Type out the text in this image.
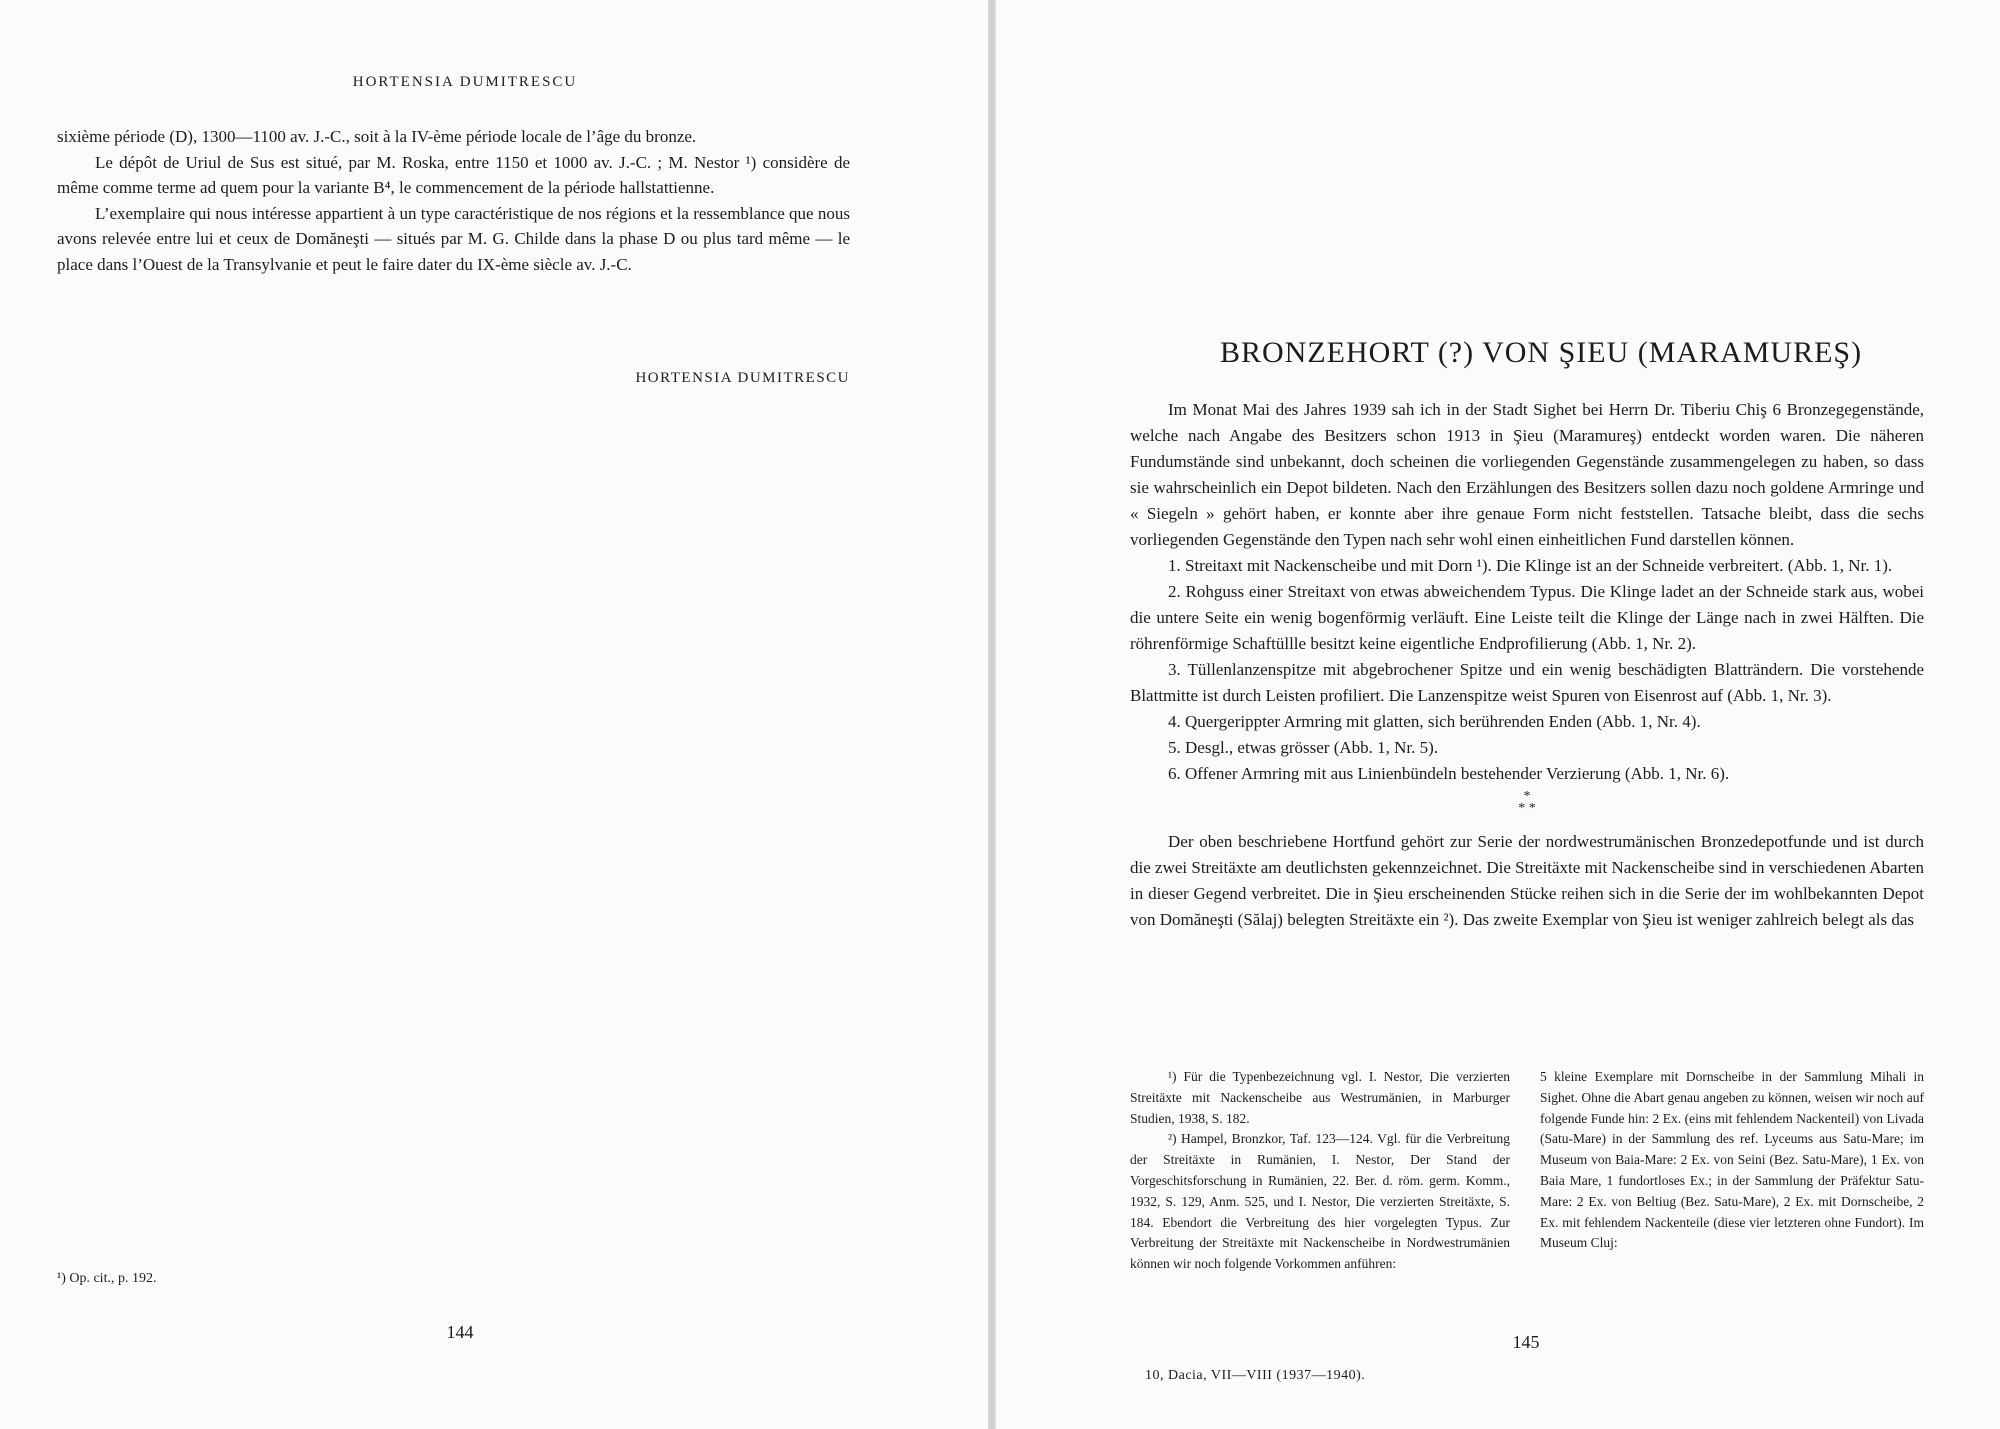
HORTENSIA DUMITRESCU

sixième période (D), 1300—1100 av. J.-C., soit à la IV-ème période locale de l’âge du bronze.

Le dépôt de Uriul de Sus est situé, par M. Roska, entre 1150 et 1000 av. J.-C. ; M. Nestor ¹) considère de même comme terme ad quem pour la variante B⁴, le commencement de la période hallstattienne.

L’exemplaire qui nous intéresse appartient à un type caractéristique de nos régions et la ressemblance que nous avons relevée entre lui et ceux de Domăneşti — situés par M. G. Childe dans la phase D ou plus tard même — le place dans l’Ouest de la Transylvanie et peut le faire dater du IX-ème siècle av. J.-C.

HORTENSIA DUMITRESCU
¹) Op. cit., p. 192.
144
BRONZEHORT (?) VON ŞIEU (MARAMUREŞ)

Im Monat Mai des Jahres 1939 sah ich in der Stadt Sighet bei Herrn Dr. Tiberiu Chiş 6 Bronzegegenstände, welche nach Angabe des Besitzers schon 1913 in Şieu (Maramureş) entdeckt worden waren. Die näheren Fundumstände sind unbekannt, doch scheinen die vorliegenden Gegenstände zusammengelegen zu haben, so dass sie wahrscheinlich ein Depot bildeten. Nach den Erzählungen des Besitzers sollen dazu noch goldene Armringe und « Siegeln » gehört haben, er konnte aber ihre genaue Form nicht feststellen. Tatsache bleibt, dass die sechs vorliegenden Gegenstände den Typen nach sehr wohl einen einheitlichen Fund darstellen können.

1. Streitaxt mit Nackenscheibe und mit Dorn ¹). Die Klinge ist an der Schneide verbreitert. (Abb. 1, Nr. 1).

2. Rohguss einer Streitaxt von etwas abweichendem Typus. Die Klinge ladet an der Schneide stark aus, wobei die untere Seite ein wenig bogenförmig verläuft. Eine Leiste teilt die Klinge der Länge nach in zwei Hälften. Die röhrenförmige Schaftüllle besitzt keine eigentliche Endprofilierung (Abb. 1, Nr. 2).

3. Tüllenlanzenspitze mit abgebrochener Spitze und ein wenig beschädigten Blatträndern. Die vorstehende Blattmitte ist durch Leisten profiliert. Die Lanzenspitze weist Spuren von Eisenrost auf (Abb. 1, Nr. 3).

4. Quergerippter Armring mit glatten, sich berührenden Enden (Abb. 1, Nr. 4).

5. Desgl., etwas grösser (Abb. 1, Nr. 5).

6. Offener Armring mit aus Linienbündeln bestehender Verzierung (Abb. 1, Nr. 6).

*
* *

Der oben beschriebene Hortfund gehört zur Serie der nordwestrumänischen Bronzedepotfunde und ist durch die zwei Streitäxte am deutlichsten gekennzeichnet. Die Streitäxte mit Nackenscheibe sind in verschiedenen Abarten in dieser Gegend verbreitet. Die in Şieu erscheinenden Stücke reihen sich in die Serie der im wohlbekannten Depot von Domăneşti (Sălaj) belegten Streitäxte ein ²). Das zweite Exemplar von Şieu ist weniger zahlreich belegt als das

¹) Für die Typenbezeichnung vgl. I. Nestor, Die verzierten Streitäxte mit Nackenscheibe aus Westrumänien, in Marburger Studien, 1938, S. 182.

²) Hampel, Bronzkor, Taf. 123—124. Vgl. für die Verbreitung der Streitäxte in Rumänien, I. Nestor, Der Stand der Vorgeschitsforschung in Rumänien, 22. Ber. d. röm. germ. Komm., 1932, S. 129, Anm. 525, und I. Nestor, Die verzierten Streitäxte, S. 184. Ebendort die Verbreitung des hier vorgelegten Typus. Zur Verbreitung der Streitäxte mit Nackenscheibe in Nordwestrumänien können wir noch folgende Vorkommen anführen:

5 kleine Exemplare mit Dornscheibe in der Sammlung Mihali in Sighet. Ohne die Abart genau angeben zu können, weisen wir noch auf folgende Funde hin: 2 Ex. (eins mit fehlendem Nackenteil) von Livada (Satu-Mare) in der Sammlung des ref. Lyceums aus Satu-Mare; im Museum von Baia-Mare: 2 Ex. von Seini (Bez. Satu-Mare), 1 Ex. von Baia Mare, 1 fundortloses Ex.; in der Sammlung der Präfektur Satu-Mare: 2 Ex. von Beltiug (Bez. Satu-Mare), 2 Ex. mit Dornscheibe, 2 Ex. mit fehlendem Nackenteile (diese vier letzteren ohne Fundort). Im Museum Cluj:

145
10, Dacia, VII—VIII (1937—1940).
